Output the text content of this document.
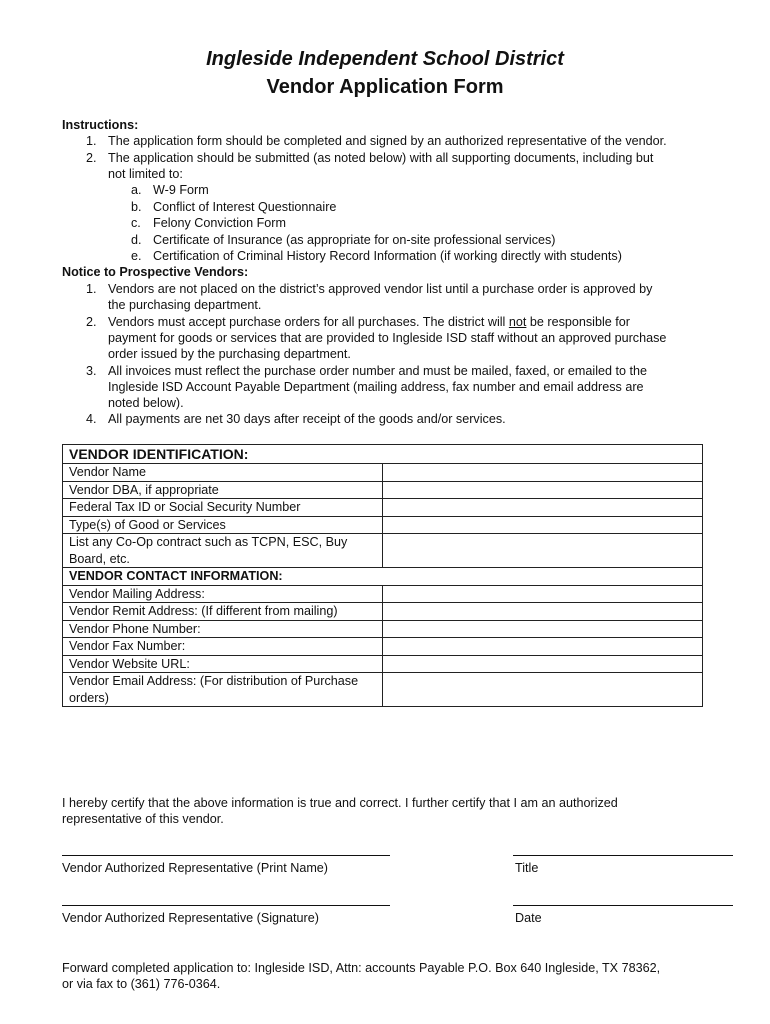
Ingleside Independent School District
Vendor Application Form
Instructions:
1. The application form should be completed and signed by an authorized representative of the vendor.
2. The application should be submitted (as noted below) with all supporting documents, including but
not limited to:
a. W-9 Form
b. Conflict of Interest Questionnaire
c. Felony Conviction Form
d. Certificate of Insurance (as appropriate for on-site professional services)
e. Certification of Criminal History Record Information (if working directly with students)
Notice to Prospective Vendors:
1. Vendors are not placed on the district’s approved vendor list until a purchase order is approved by
the purchasing department.
2. Vendors must accept purchase orders for all purchases. The district will not be responsible for
payment for goods or services that are provided to Ingleside ISD staff without an approved purchase
order issued by the purchasing department.
3. All invoices must reflect the purchase order number and must be mailed, faxed, or emailed to the
Ingleside ISD Account Payable Department (mailing address, fax number and email address are
noted below).
4. All payments are net 30 days after receipt of the goods and/or services.
VENDOR IDENTIFICATION:	
Vendor Name	
Vendor DBA, if appropriate	
Federal Tax ID or Social Security Number	
Type(s) of Good or Services	
List any Co-Op contract such as TCPN, ESC, Buy Board, etc.	
VENDOR CONTACT INFORMATION:	
Vendor Mailing Address:	
Vendor Remit Address: (If different from mailing)	
Vendor Phone Number:	
Vendor Fax Number:	
Vendor Website URL:	
Vendor Email Address: (For distribution of Purchase orders)	
I hereby certify that the above information is true and correct. I further certify that I am an authorized
representative of this vendor.
Vendor Authorized Representative (Print Name)	Title
Vendor Authorized Representative (Signature)	Date
Forward completed application to: Ingleside ISD, Attn: accounts Payable P.O. Box 640 Ingleside, TX 78362,
or via fax to (361) 776-0364.
